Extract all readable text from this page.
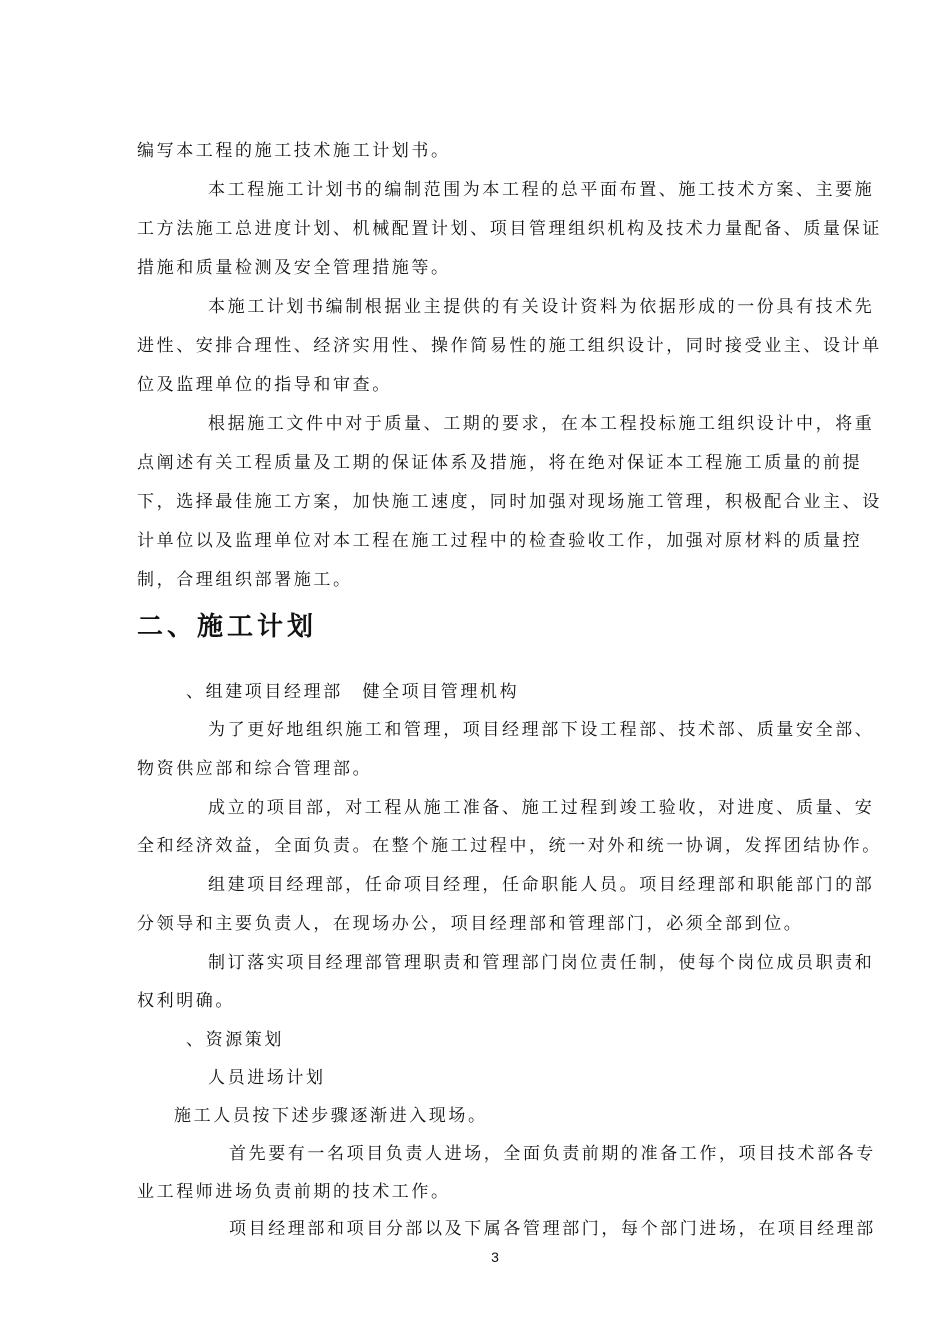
编写本工程的施工技术施工计划书。

本工程施工计划书的编制范围为本工程的总平面布置、施工技术方案、主要施

工方法施工总进度计划、机械配置计划、项目管理组织机构及技术力量配备、质量保证

措施和质量检测及安全管理措施等。

本施工计划书编制根据业主提供的有关设计资料为依据形成的一份具有技术先

进性、安排合理性、经济实用性、操作简易性的施工组织设计，同时接受业主、设计单

位及监理单位的指导和审查。

根据施工文件中对于质量、工期的要求，在本工程投标施工组织设计中，将重

点阐述有关工程质量及工期的保证体系及措施，将在绝对保证本工程施工质量的前提

下，选择最佳施工方案，加快施工速度，同时加强对现场施工管理，积极配合业主、设

计单位以及监理单位对本工程在施工过程中的检查验收工作，加强对原材料的质量控

制，合理组织部署施工。

二、施工计划

、组建项目经理部　健全项目管理机构

为了更好地组织施工和管理，项目经理部下设工程部、技术部、质量安全部、

物资供应部和综合管理部。

成立的项目部，对工程从施工准备、施工过程到竣工验收，对进度、质量、安

全和经济效益，全面负责。在整个施工过程中，统一对外和统一协调，发挥团结协作。

组建项目经理部，任命项目经理，任命职能人员。项目经理部和职能部门的部

分领导和主要负责人，在现场办公，项目经理部和管理部门，必须全部到位。

制订落实项目经理部管理职责和管理部门岗位责任制，使每个岗位成员职责和

权利明确。

、资源策划

人员进场计划

施工人员按下述步骤逐渐进入现场。

首先要有一名项目负责人进场，全面负责前期的准备工作，项目技术部各专

业工程师进场负责前期的技术工作。

项目经理部和项目分部以及下属各管理部门，每个部门进场，在项目经理部

3
